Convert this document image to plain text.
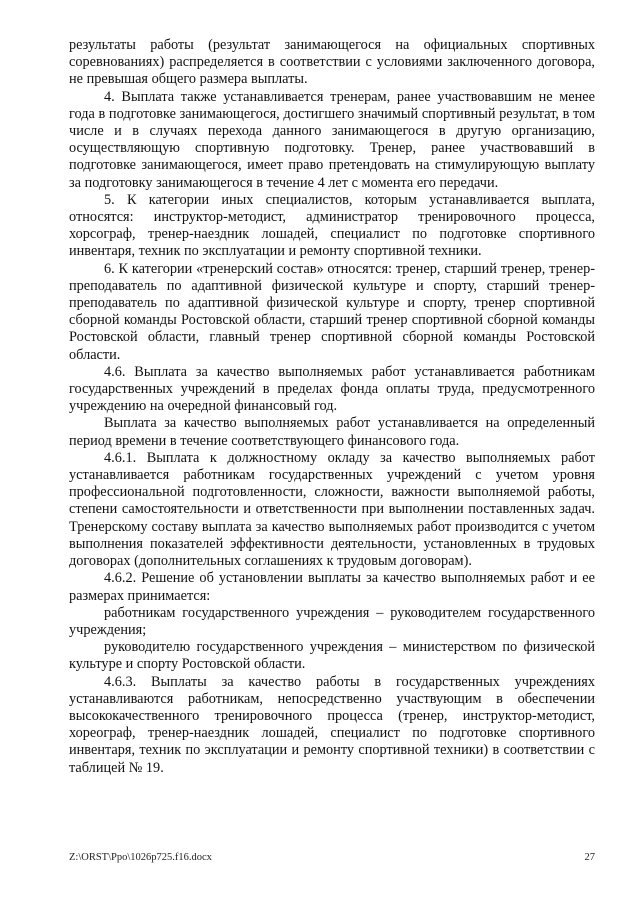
результаты работы (результат занимающегося на официальных спортивных соревнованиях) распределяется в соответствии с условиями заключенного договора, не превышая общего размера выплаты.

4. Выплата также устанавливается тренерам, ранее участвовавшим не менее года в подготовке занимающегося, достигшего значимый спортивный результат, в том числе и в случаях перехода данного занимающегося в другую организацию, осуществляющую спортивную подготовку. Тренер, ранее участвовавший в подготовке занимающегося, имеет право претендовать на стимулирующую выплату за подготовку занимающегося в течение 4 лет с момента его передачи.

5. К категории иных специалистов, которым устанавливается выплата, относятся: инструктор-методист, администратор тренировочного процесса, хорсограф, тренер-наездник лошадей, специалист по подготовке спортивного инвентаря, техник по эксплуатации и ремонту спортивной техники.

6. К категории «тренерский состав» относятся: тренер, старший тренер, тренер-преподаватель по адаптивной физической культуре и спорту, старший тренер-преподаватель по адаптивной физической культуре и спорту, тренер спортивной сборной команды Ростовской области, старший тренер спортивной сборной команды Ростовской области, главный тренер спортивной сборной команды Ростовской области.

4.6. Выплата за качество выполняемых работ устанавливается работникам государственных учреждений в пределах фонда оплаты труда, предусмотренного учреждению на очередной финансовый год.

Выплата за качество выполняемых работ устанавливается на определенный период времени в течение соответствующего финансового года.

4.6.1. Выплата к должностному окладу за качество выполняемых работ устанавливается работникам государственных учреждений с учетом уровня профессиональной подготовленности, сложности, важности выполняемой работы, степени самостоятельности и ответственности при выполнении поставленных задач. Тренерскому составу выплата за качество выполняемых работ производится с учетом выполнения показателей эффективности деятельности, установленных в трудовых договорах (дополнительных соглашениях к трудовым договорам).

4.6.2. Решение об установлении выплаты за качество выполняемых работ и ее размерах принимается:

работникам государственного учреждения – руководителем государственного учреждения;

руководителю государственного учреждения – министерством по физической культуре и спорту Ростовской области.

4.6.3. Выплаты за качество работы в государственных учреждениях устанавливаются работникам, непосредственно участвующим в обеспечении высококачественного тренировочного процесса (тренер, инструктор-методист, хореограф, тренер-наездник лошадей, специалист по подготовке спортивного инвентаря, техник по эксплуатации и ремонту спортивной техники) в соответствии с таблицей № 19.

Z:\ORST\Ppo\1026p725.f16.docx	27
